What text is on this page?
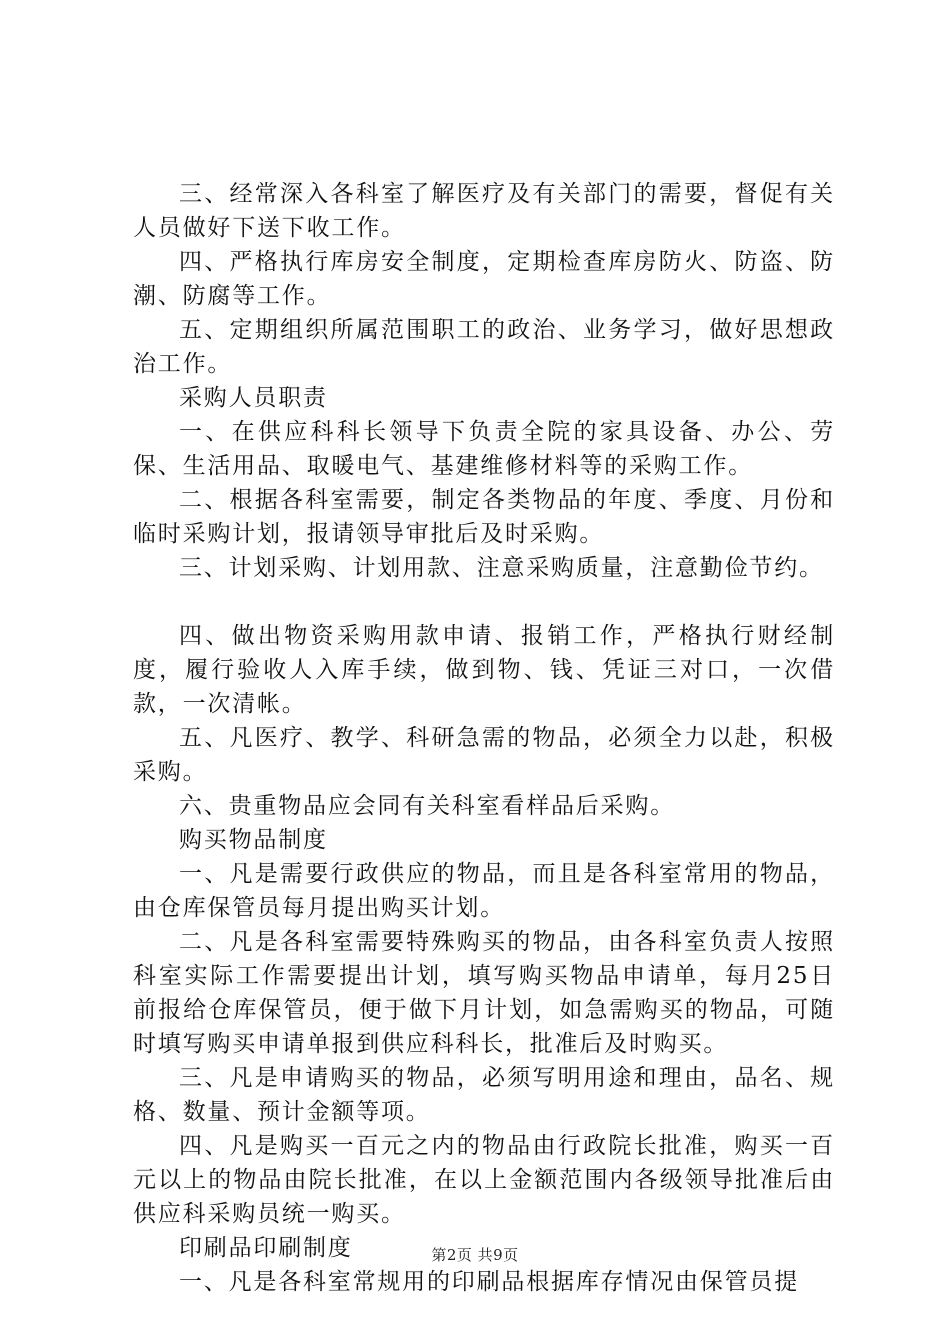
三、经常深入各科室了解医疗及有关部门的需要，督促有关人员做好下送下收工作。

四、严格执行库房安全制度，定期检查库房防火、防盗、防潮、防腐等工作。

五、定期组织所属范围职工的政治、业务学习，做好思想政治工作。

采购人员职责

一、在供应科科长领导下负责全院的家具设备、办公、劳保、生活用品、取暖电气、基建维修材料等的采购工作。

二、根据各科室需要，制定各类物品的年度、季度、月份和临时采购计划，报请领导审批后及时采购。

三、计划采购、计划用款、注意采购质量，注意勤俭节约。

四、做出物资采购用款申请、报销工作，严格执行财经制度，履行验收人入库手续，做到物、钱、凭证三对口，一次借款，一次清帐。

五、凡医疗、教学、科研急需的物品，必须全力以赴，积极采购。

六、贵重物品应会同有关科室看样品后采购。

购买物品制度

一、凡是需要行政供应的物品，而且是各科室常用的物品，由仓库保管员每月提出购买计划。

二、凡是各科室需要特殊购买的物品，由各科室负责人按照科室实际工作需要提出计划，填写购买物品申请单，每月25日前报给仓库保管员，便于做下月计划，如急需购买的物品，可随时填写购买申请单报到供应科科长，批准后及时购买。

三、凡是申请购买的物品，必须写明用途和理由，品名、规格、数量、预计金额等项。

四、凡是购买一百元之内的物品由行政院长批准，购买一百元以上的物品由院长批准，在以上金额范围内各级领导批准后由供应科采购员统一购买。

印刷品印刷制度

一、凡是各科室常规用的印刷品根据库存情况由保管员提

第2页 共9页
